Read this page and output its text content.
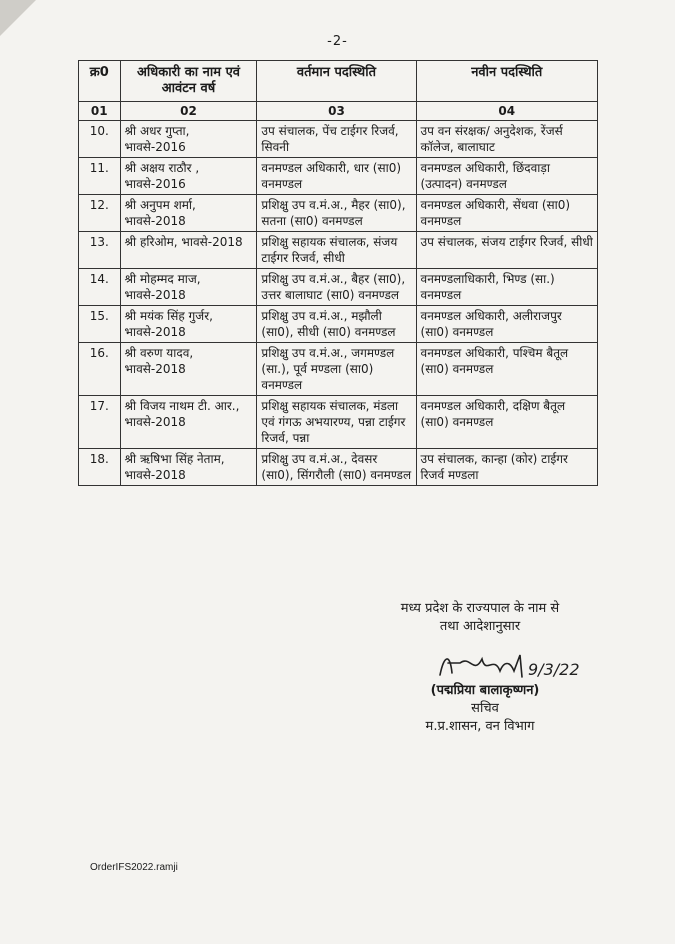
-2-
क्र0	अधिकारी का नाम एवं आवंटन वर्ष	वर्तमान पदस्थिति	नवीन पदस्थिति
01	02	03	04
10.	श्री अधर गुप्ता, भावसे-2016	उप संचालक, पेंच टाईगर रिजर्व, सिवनी	उप वन संरक्षक/ अनुदेशक, रेंजर्स कॉलेज, बालाघाट
11.	श्री अक्षय राठौर , भावसे-2016	वनमण्डल अधिकारी, धार (सा0) वनमण्डल	वनमण्डल अधिकारी, छिंदवाड़ा (उत्पादन) वनमण्डल
12.	श्री अनुपम शर्मा, भावसे-2018	प्रशिक्षु उप व.मं.अ., मैहर (सा0), सतना (सा0) वनमण्डल	वनमण्डल अधिकारी, सेंधवा (सा0) वनमण्डल
13.	श्री हरिओम, भावसे-2018	प्रशिक्षु सहायक संचालक, संजय टाईगर रिजर्व, सीधी	उप संचालक, संजय टाईगर रिजर्व, सीधी
14.	श्री मोहम्मद माज, भावसे-2018	प्रशिक्षु उप व.मं.अ., बैहर (सा0), उत्तर बालाघाट (सा0) वनमण्डल	वनमण्डलाधिकारी, भिण्ड (सा.) वनमण्डल
15.	श्री मयंक सिंह गुर्जर, भावसे-2018	प्रशिक्षु उप व.मं.अ., मझौली (सा0), सीधी (सा0) वनमण्डल	वनमण्डल अधिकारी, अलीराजपुर (सा0) वनमण्डल
16.	श्री वरुण यादव, भावसे-2018	प्रशिक्षु उप व.मं.अ., जगमण्डल (सा.), पूर्व मण्डला (सा0) वनमण्डल	वनमण्डल अधिकारी, पश्चिम बैतूल (सा0) वनमण्डल
17.	श्री विजय नाथम टी. आर., भावसे-2018	प्रशिक्षु सहायक संचालक, मंडला एवं गंगऊ अभयारण्य, पन्ना टाईगर रिजर्व, पन्ना	वनमण्डल अधिकारी, दक्षिण बैतूल (सा0) वनमण्डल
18.	श्री ऋषिभा सिंह नेताम, भावसे-2018	प्रशिक्षु उप व.मं.अ., देवसर (सा0), सिंगरौली (सा0) वनमण्डल	उप संचालक, कान्हा (कोर) टाईगर रिजर्व मण्डला
मध्य प्रदेश के राज्यपाल के नाम से
तथा आदेशानुसार
9/3/22
(पद्मप्रिया बालाकृष्णन)
सचिव
म.प्र.शासन, वन विभाग
OrderIFS2022.ramji
